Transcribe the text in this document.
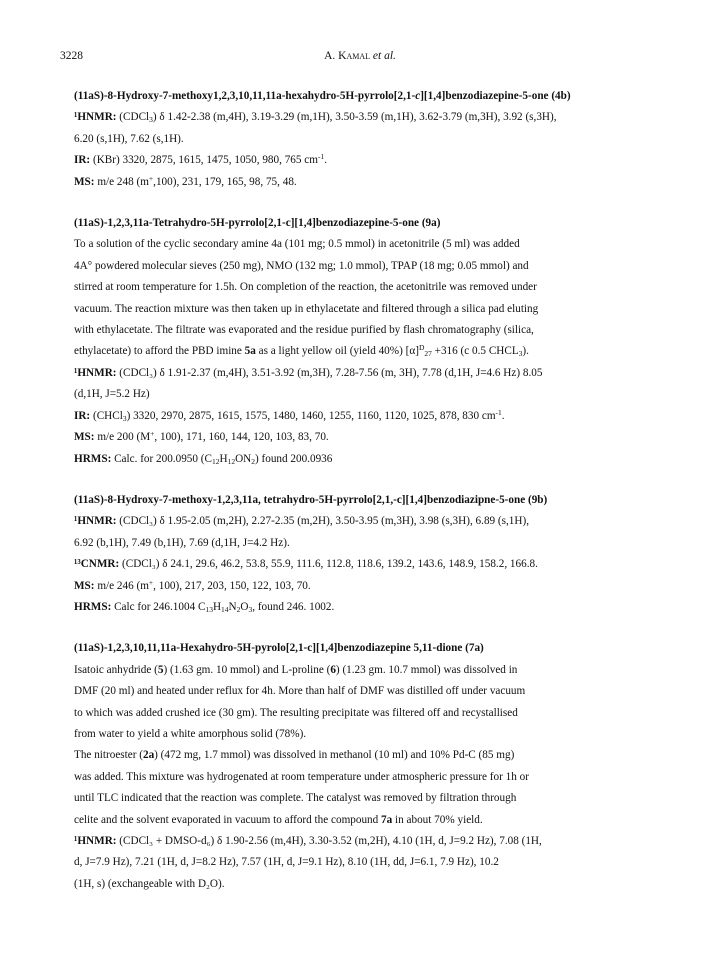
3228	A. Kamal et al.

(11aS)-8-Hydroxy-7-methoxy1,2,3,10,11,11a-hexahydro-5H-pyrrolo[2,1-c][1,4]benzodiazepine-5-one (4b)

¹HNMR: (CDCl$_3$) δ 1.42-2.38 (m,4H), 3.19-3.29 (m,1H), 3.50-3.59 (m,1H), 3.62-3.79 (m,3H), 3.92 (s,3H),

6.20 (s,1H), 7.62 (s,1H).

IR: (KBr) 3320, 2875, 1615, 1475, 1050, 980, 765 $cm^{-1}$.

MS: m/e 248 (m+,100), 231, 179, 165, 98, 75, 48.

(11aS)-1,2,3,11a-Tetrahydro-5H-pyrrolo[2,1-c][1,4]benzodiazepine-5-one (9a)

To a solution of the cyclic secondary amine 4a (101 mg; 0.5 mmol) in acetonitrile (5 ml) was added

4A° powdered molecular sieves (250 mg), NMO (132 mg; 1.0 mmol), TPAP (18 mg; 0.05 mmol) and

stirred at room temperature for 1.5h. On completion of the reaction, the acetonitrile was removed under

vacuum. The reaction mixture was then taken up in ethylacetate and filtered through a silica pad eluting

with ethylacetate. The filtrate was evaporated and the residue purified by flash chromatography (silica,

ethylacetate) to afford the PBD imine 5a as a light yellow oil (yield 40%) $[\alpha]^D_{27} +316$ (c 0.5 $CHCL_3$).

¹HNMR: (CDCl₃) δ 1.91-2.37 (m,4H), 3.51-3.92 (m,3H), 7.28-7.56 (m, 3H), 7.78 (d,1H, J=4.6 Hz) 8.05

(d,1H, J=5.2 Hz)

IR: (CHCl$_3$) 3320, 2970, 2875, 1615, 1575, 1480, 1460, 1255, 1160, 1120, 1025, 878, 830 $cm^{-1}$.

MS: m/e 200 (M+, 100), 171, 160, 144, 120, 103, 83, 70.

HRMS: Calc. for 200.0950 $(C_{12}H_{12}ON_2)$ found 200.0936

(11aS)-8-Hydroxy-7-methoxy-1,2,3,11a, tetrahydro-5H-pyrrolo[2,1,-c][1,4]benzodiazipne-5-one (9b)

¹HNMR: (CDCl₃) δ 1.95-2.05 (m,2H), 2.27-2.35 (m,2H), 3.50-3.95 (m,3H), 3.98 (s,3H), 6.89 (s,1H),

6.92 (b,1H), 7.49 (b,1H), 7.69 (d,1H, J=4.2 Hz).

¹³CNMR: (CDCl₃) δ 24.1, 29.6, 46.2, 53.8, 55.9, 111.6, 112.8, 118.6, 139.2, 143.6, 148.9, 158.2, 166.8.

MS: m/e 246 (m+, 100), 217, 203, 150, 122, 103, 70.

HRMS: Calc for 246.1004 $C_{13}H_{14}N_2O_3$, found 246. 1002.

(11aS)-1,2,3,10,11,11a-Hexahydro-5H-pyrolo[2,1-c][1,4]benzodiazepine 5,11-dione (7a)

Isatoic anhydride (5) (1.63 gm. 10 mmol) and L-proline (6) (1.23 gm. 10.7 mmol) was dissolved in

DMF (20 ml) and heated under reflux for 4h. More than half of DMF was distilled off under vacuum

to which was added crushed ice (30 gm). The resulting precipitate was filtered off and recystallised

from water to yield a white amorphous solid (78%).

The nitroester (2a) (472 mg, 1.7 mmol) was dissolved in methanol (10 ml) and 10% Pd-C (85 mg)

was added. This mixture was hydrogenated at room temperature under atmospheric pressure for 1h or

until TLC indicated that the reaction was complete. The catalyst was removed by filtration through

celite and the solvent evaporated in vacuum to afford the compound 7a in about 70% yield.

¹HNMR: (CDCl₃ + DMSO-d₆) δ 1.90-2.56 (m,4H), 3.30-3.52 (m,2H), 4.10 (1H, d, J=9.2 Hz), 7.08 (1H,

d, J=7.9 Hz), 7.21 (1H, d, J=8.2 Hz), 7.57 (1H, d, J=9.1 Hz), 8.10 (1H, dd, J=6.1, 7.9 Hz), 10.2

(1H, s) (exchangeable with D₂O).
